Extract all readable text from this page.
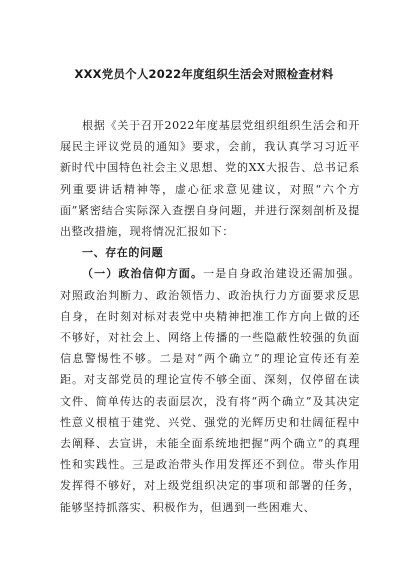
XXX党员个人2022年度组织生活会对照检查材料

根据《关于召开2022年度基层党组织组织生活会和开展民主评议党员的通知》要求，会前，我认真学习习近平新时代中国特色社会主义思想、党的XX大报告、总书记系列重要讲话精神等，虚心征求意见建议，对照“六个方面”紧密结合实际深入查摆自身问题，并进行深刻剖析及提出整改措施，现将情况汇报如下：

一、存在的问题

（一）政治信仰方面。一是自身政治建设还需加强。对照政治判断力、政治领悟力、政治执行力方面要求反思自身，在时刻对标对表党中央精神把准工作方向上做的还不够好，对社会上、网络上传播的一些隐蔽性较强的负面信息警惕性不够。二是对“两个确立”的理论宣传还有差距。对支部党员的理论宣传不够全面、深刻，仅停留在读文件、简单传达的表面层次，没有将“两个确立”及其决定性意义根植于建党、兴党、强党的光辉历史和壮阔征程中去阐释、去宣讲，未能全面系统地把握“两个确立”的真理性和实践性。三是政治带头作用发挥还不到位。带头作用发挥得不够好，对上级党组织决定的事项和部署的任务，能够坚持抓落实、积极作为，但遇到一些困难大、
